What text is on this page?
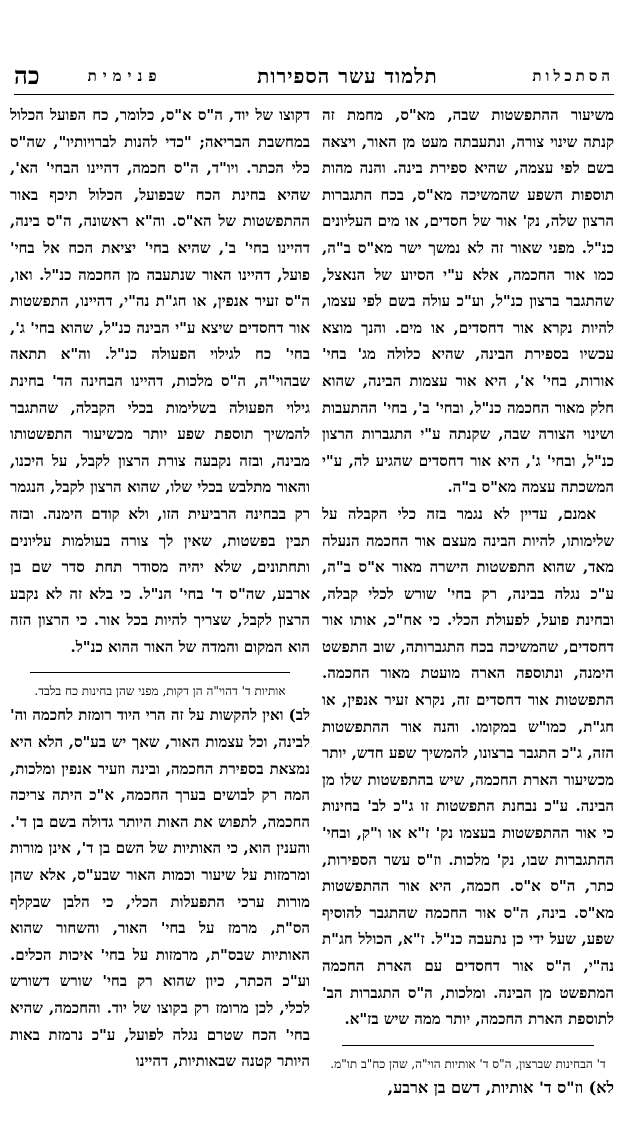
הסתכלות
תלמוד עשר הספירות
פנימית
כה

משיעור ההתפשטות שבה, מא"ס, מחמת זה קנתה שינוי צורה, ונתעבתה מעט מן האור, ויצאה בשם לפי עצמה, שהיא ספירת בינה. והנה מהות תוספות השפע שהמשיכה מא"ס, בכח התגברות הרצון שלה, נק' אור של חסדים, או מים העליונים כנ"ל. מפני שאור זה לא נמשך ישר מא"ס ב"ה, כמו אור החכמה, אלא ע"י הסיוע של הנאצל, שהתגבר ברצון כנ"ל, וע"כ עולה בשם לפי עצמו, להיות נקרא אור דחסדים, או מים. והנך מוצא עכשיו בספירת הבינה, שהיא כלולה מג' בחי' אורות, בחי' א', היא אור עצמות הבינה, שהוא חלק מאור החכמה כנ"ל, ובחי' ב', בחי' ההתעבות ושינוי הצורה שבה, שקנתה ע"י התגברות הרצון כנ"ל, ובחי' ג', היא אור דחסדים שהגיע לה, ע"י המשכתה עצמה מא"ס ב"ה.

אמנם, עדיין לא נגמר בזה כלי הקבלה על שלימותו, להיות הבינה מעצם אור החכמה הנעלה מאד, שהוא התפשטות הישרה מאור א"ס ב"ה, ע"כ נגלה בבינה, רק בחי' שורש לכלי קבלה, ובחינת פועל, לפעולת הכלי. כי אח"כ, אותו אור דחסדים, שהמשיכה בכח התגברותה, שוב התפשט הימנה, ונתוספה הארה מועטת מאור החכמה. התפשטות אור דחסדים זה, נקרא זעיר אנפין, או חג"ת, כמו"ש במקומו. והנה אור ההתפשטות הזה, ג"כ התגבר ברצונו, להמשיך שפע חדש, יותר מכשיעור הארת החכמה, שיש בהתפשטות שלו מן הבינה. ע"כ נבחנת התפשטות זו ג"כ לב' בחינות כי אור ההתפשטות בעצמו נק' ז"א או ו"ק, ובחי' ההתגברות שבו, נק' מלכות. וז"ס עשר הספירות, כתר, ה"ס א"ס. חכמה, היא אור ההתפשטות מא"ס. בינה, ה"ס אור החכמה שהתגבר להוסיף שפע, שעל ידי כן נתעבה כנ"ל. ז"א, הכולל חג"ת נה"י, ה"ס אור דחסדים עם הארת החכמה המתפשט מן הבינה. ומלכות, ה"ס התגברות הב' לתוספת הארת החכמה, יותר ממה שיש בז"א.

ד' הבחינות שברצון, ה"ס ד' אותיות הוי"ה, שהן כח"ב תו"מ.

לא) וז"ס ד' אותיות, דשם בן ארבע,

דקוצו של יוד, ה"ס א"ס, כלומר, כח הפועל הכלול במחשבת הבריאה; "כדי להנות לברויותיו", שה"ס כלי הכתר. ויו"ד, ה"ס חכמה, דהיינו הבחי' הא', שהיא בחינת הכח שבפועל, הכלול תיכף באור ההתפשטות של הא"ס. וה"א ראשונה, ה"ס בינה, דהיינו בחי' ב', שהיא בחי' יציאת הכח אל בחי' פועל, דהיינו האור שנתעבה מן החכמה כנ"ל. ואו, ה"ס זעיר אנפין, או חג"ת נה"י, דהיינו, התפשטות אור דחסדים שיצא ע"י הבינה כנ"ל, שהוא בחי' ג', בחי' כח לגילוי הפעולה כנ"ל. וה"א תתאה שבהוי"ה, ה"ס מלכות, דהיינו הבחינה הד' בחינת גילוי הפעולה בשלימות בכלי הקבלה, שהתגבר להמשיך תוספת שפע יותר מכשיעור התפשטותו מבינה, ובזה נקבעה צורת הרצון לקבל, על היכנו, והאור מתלבש בכלי שלו, שהוא הרצון לקבל, הנגמר רק בבחינה הרביעית הזו, ולא קודם הימנה. ובזה תבין בפשטות, שאין לך צורה בעולמות עליונים ותחתונים, שלא יהיה מסודר תחת סדר שם בן ארבע, שה"ס ד' בחי' הנ"ל. כי בלא זה לא נקבע הרצון לקבל, שצריך להיות בכל אור. כי הרצון הזה הוא המקום והמדה של האור ההוא כנ"ל.

אותיות ד' דהוי"ה הן דקות, מפני שהן בחינות כח בלבד.

לב) ואין להקשות על זה הרי היוד רומזת לחכמה וה' לבינה, וכל עצמות האור, שאך יש בע"ס, הלא היא נמצאת בספירת החכמה, ובינה וזעיר אנפין ומלכות, המה רק לבושים בערך החכמה, א"כ היתה צריכה החכמה, לתפוש את האות היותר גדולה בשם בן ד'. והענין הוא, כי האותיות של השם בן ד', אינן מורות ומרמזות על שיעור וכמות האור שבע"ס, אלא שהן מורות ערכי התפעלות הכלי, כי הלבן שבקלף הס"ת, מרמז על בחי' האור, והשחור שהוא האותיות שבס"ת, מרמזות על בחי' איכות הכלים. וע"כ הכתר, כיון שהוא רק בחי' שורש דשורש לכלי, לכן מרומז רק בקוצו של יוד. והחכמה, שהיא בחי' הכח שטרם נגלה לפועל, ע"כ נרמזת באות היותר קטנה שבאותיות, דהיינו
